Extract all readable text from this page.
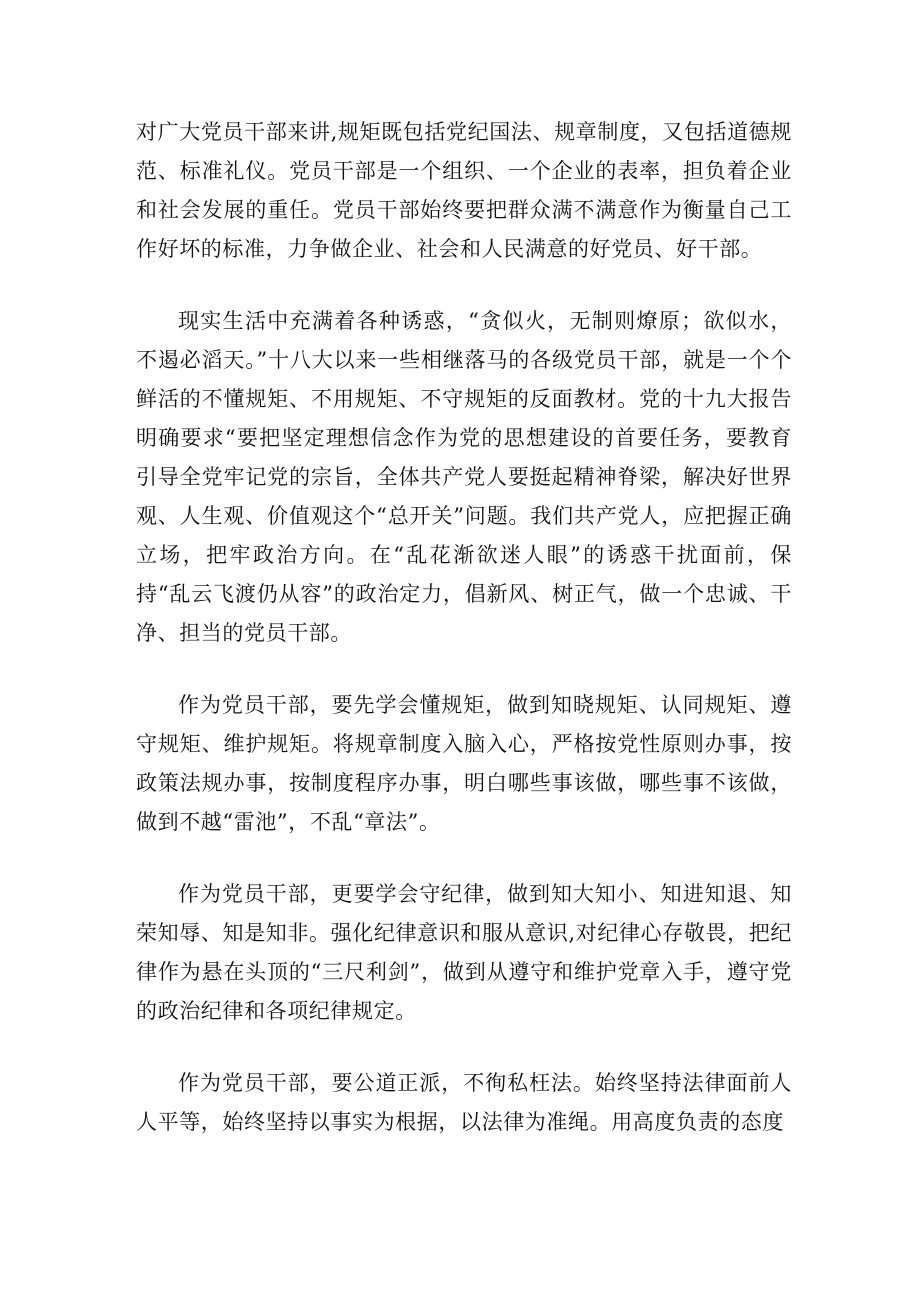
对广大党员干部来讲,规矩既包括党纪国法、规章制度，又包括道德规范、标准礼仪。党员干部是一个组织、一个企业的表率，担负着企业和社会发展的重任。党员干部始终要把群众满不满意作为衡量自己工作好坏的标准，力争做企业、社会和人民满意的好党员、好干部。

现实生活中充满着各种诱惑，“贪似火，无制则燎原；欲似水，不遏必滔天。”十八大以来一些相继落马的各级党员干部，就是一个个鲜活的不懂规矩、不用规矩、不守规矩的反面教材。党的十九大报告明确要求“要把坚定理想信念作为党的思想建设的首要任务，要教育引导全党牢记党的宗旨，全体共产党人要挺起精神脊梁，解决好世界观、人生观、价值观这个“总开关”问题。我们共产党人，应把握正确立场，把牢政治方向。在“乱花渐欲迷人眼”的诱惑干扰面前，保持“乱云飞渡仍从容”的政治定力，倡新风、树正气，做一个忠诚、干净、担当的党员干部。

作为党员干部，要先学会懂规矩，做到知晓规矩、认同规矩、遵守规矩、维护规矩。将规章制度入脑入心，严格按党性原则办事，按政策法规办事，按制度程序办事，明白哪些事该做，哪些事不该做，做到不越“雷池”，不乱“章法”。

作为党员干部，更要学会守纪律，做到知大知小、知进知退、知荣知辱、知是知非。强化纪律意识和服从意识,对纪律心存敬畏，把纪律作为悬在头顶的“三尺利剑”，做到从遵守和维护党章入手，遵守党的政治纪律和各项纪律规定。

作为党员干部，要公道正派，不徇私枉法。始终坚持法律面前人人平等，始终坚持以事实为根据，以法律为准绳。用高度负责的态度
